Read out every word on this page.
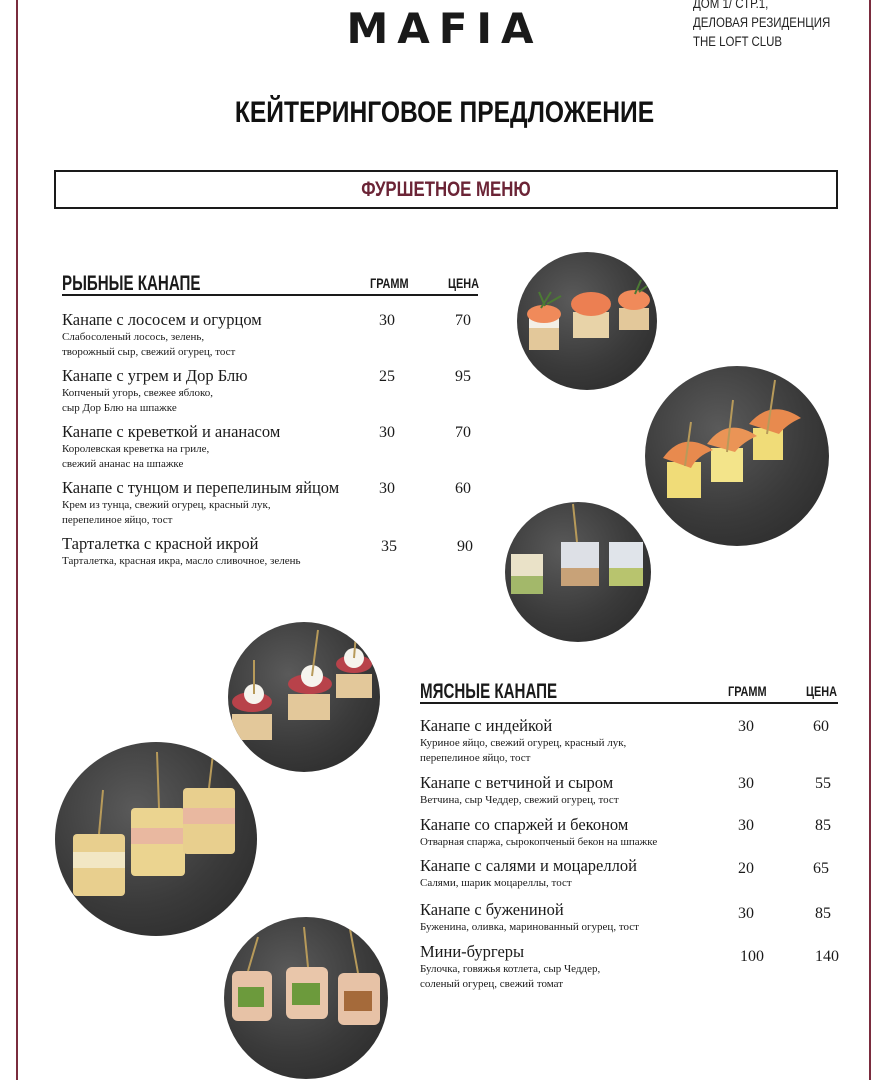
MAFIA
ДОМ 1/ СТР.1,
ДЕЛОВАЯ РЕЗИДЕНЦИЯ
THE LOFT CLUB
КЕЙТЕРИНГОВОЕ ПРЕДЛОЖЕНИЕ
ФУРШЕТНОЕ МЕНЮ
РЫБНЫЕ КАНАПЕ	ГРАММ	ЦЕНА
Канапе с лососем и огурцом
Слабосоленый лосось, зелень,
творожный сыр, свежий огурец, тост
30	70
Канапе с угрем и Дор Блю
Копченый угорь, свежее яблоко,
сыр Дор Блю на шпажке
25	95
Канапе с креветкой и ананасом
Королевская креветка на гриле,
свежий ананас на шпажке
30	70
Канапе с тунцом и перепелиным яйцом
Крем из тунца, свежий огурец, красный лук,
перепелиное яйцо, тост
30	60
Тарталетка с красной икрой
Тарталетка, красная икра, масло сливочное, зелень
35	90
МЯСНЫЕ КАНАПЕ	ГРАММ	ЦЕНА
Канапе с индейкой
Куриное яйцо, свежий огурец, красный лук,
перепелиное яйцо, тост
30	60
Канапе с ветчиной и сыром
Ветчина, сыр Чеддер, свежий огурец, тост
30	55
Канапе со спаржей и беконом
Отварная спаржа, сырокопченый бекон на шпажке
30	85
Канапе с салями и моцареллой
Салями, шарик моцареллы, тост
20	65
Канапе с бужениной
Буженина, оливка, маринованный огурец, тост
30	85
Мини-бургеры
Булочка, говяжья котлета, сыр Чеддер,
соленый огурец, свежий томат
100	140
